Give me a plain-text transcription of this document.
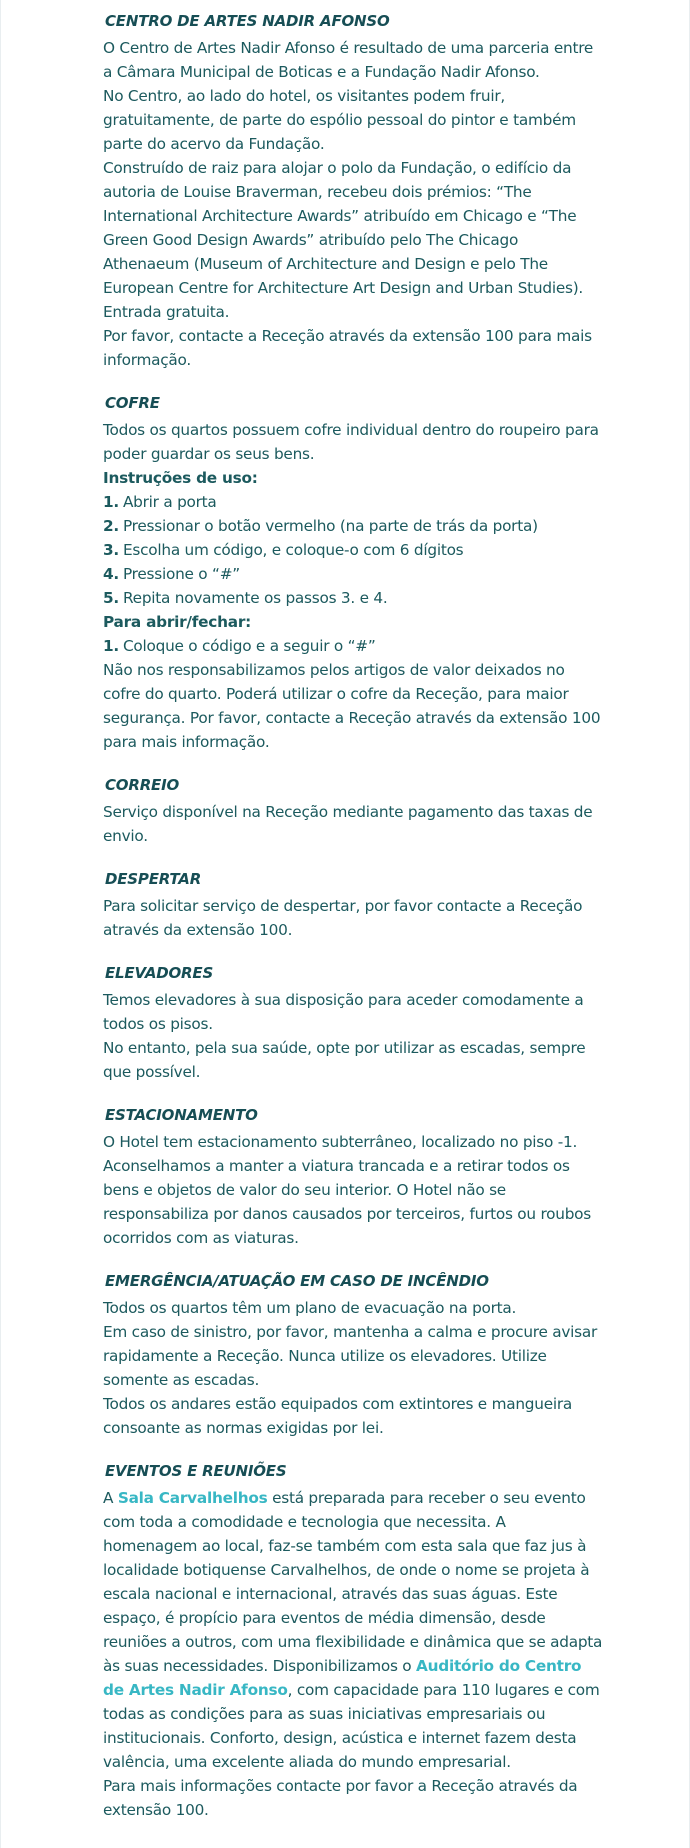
CENTRO DE ARTES NADIR AFONSO

O Centro de Artes Nadir Afonso é resultado de uma parceria entre a Câmara Municipal de Boticas e a Fundação Nadir Afonso.

No Centro, ao lado do hotel, os visitantes podem fruir, gratuitamente, de parte do espólio pessoal do pintor e também parte do acervo da Fundação.

Construído de raiz para alojar o polo da Fundação, o edifício da autoria de Louise Braverman, recebeu dois prémios: “The International Architecture Awards” atribuído em Chicago e “The Green Good Design Awards” atribuído pelo The Chicago Athenaeum (Museum of Architecture and Design e pelo The European Centre for Architecture Art Design and Urban Studies).

Entrada gratuita.

Por favor, contacte a Receção através da extensão 100 para mais informação.

COFRE

Todos os quartos possuem cofre individual dentro do roupeiro para poder guardar os seus bens.

Instruções de uso:

1. Abrir a porta

2. Pressionar o botão vermelho (na parte de trás da porta)

3. Escolha um código, e coloque-o com 6 dígitos

4. Pressione o “#”

5. Repita novamente os passos 3. e 4.

Para abrir/fechar:

1. Coloque o código e a seguir o “#”

Não nos responsabilizamos pelos artigos de valor deixados no cofre do quarto. Poderá utilizar o cofre da Receção, para maior segurança. Por favor, contacte a Receção através da extensão 100 para mais informação.

CORREIO

Serviço disponível na Receção mediante pagamento das taxas de envio.

DESPERTAR

Para solicitar serviço de despertar, por favor contacte a Receção através da extensão 100.

ELEVADORES

Temos elevadores à sua disposição para aceder comodamente a todos os pisos.

No entanto, pela sua saúde, opte por utilizar as escadas, sempre que possível.

ESTACIONAMENTO

O Hotel tem estacionamento subterrâneo, localizado no piso -1. Aconselhamos a manter a viatura trancada e a retirar todos os bens e objetos de valor do seu interior. O Hotel não se responsabiliza por danos causados por terceiros, furtos ou roubos ocorridos com as viaturas.

EMERGÊNCIA/ATUAÇÃO EM CASO DE INCÊNDIO

Todos os quartos têm um plano de evacuação na porta.

Em caso de sinistro, por favor, mantenha a calma e procure avisar rapidamente a Receção. Nunca utilize os elevadores. Utilize somente as escadas.

Todos os andares estão equipados com extintores e mangueira consoante as normas exigidas por lei.

EVENTOS E REUNIÕES

A Sala Carvalhelhos está preparada para receber o seu evento com toda a comodidade e tecnologia que necessita. A homenagem ao local, faz-se também com esta sala que faz jus à localidade botiquense Carvalhelhos, de onde o nome se projeta à escala nacional e internacional, através das suas águas. Este espaço, é propício para eventos de média dimensão, desde reuniões a outros, com uma flexibilidade e dinâmica que se adapta às suas necessidades. Disponibilizamos o Auditório do Centro de Artes Nadir Afonso, com capacidade para 110 lugares e com todas as condições para as suas iniciativas empresariais ou institucionais. Conforto, design, acústica e internet fazem desta valência, uma excelente aliada do mundo empresarial.

Para mais informações contacte por favor a Receção através da extensão 100.
